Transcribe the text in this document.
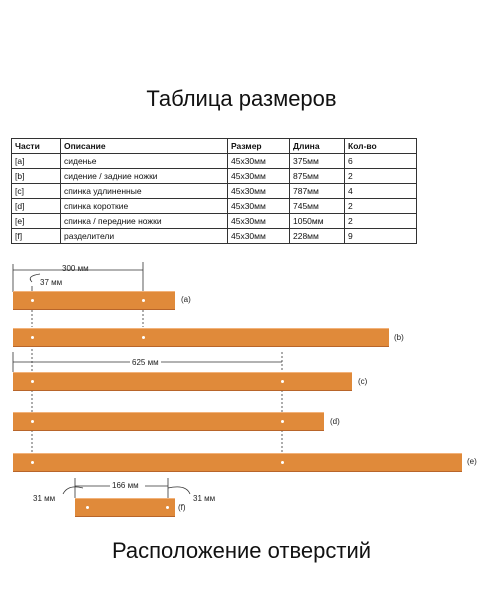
Таблица размеров
Части	Описание	Размер	Длина	Кол-во
[a]	сиденье	45x30мм	375мм	6
[b]	сидение / задние ножки	45x30мм	875мм	2
[c]	спинка удлиненные	45x30мм	787мм	4
[d]	спинка короткие	45x30мм	745мм	2
[e]	спинка / передние ножки	45x30мм	1050мм	2
[f]	разделители	45x30мм	228мм	9
300 мм
37 мм
625 мм
166 мм
31 мм	31 мм
(a)
(b)
(c)
(d)
(e)
(f)
Расположение отверстий
